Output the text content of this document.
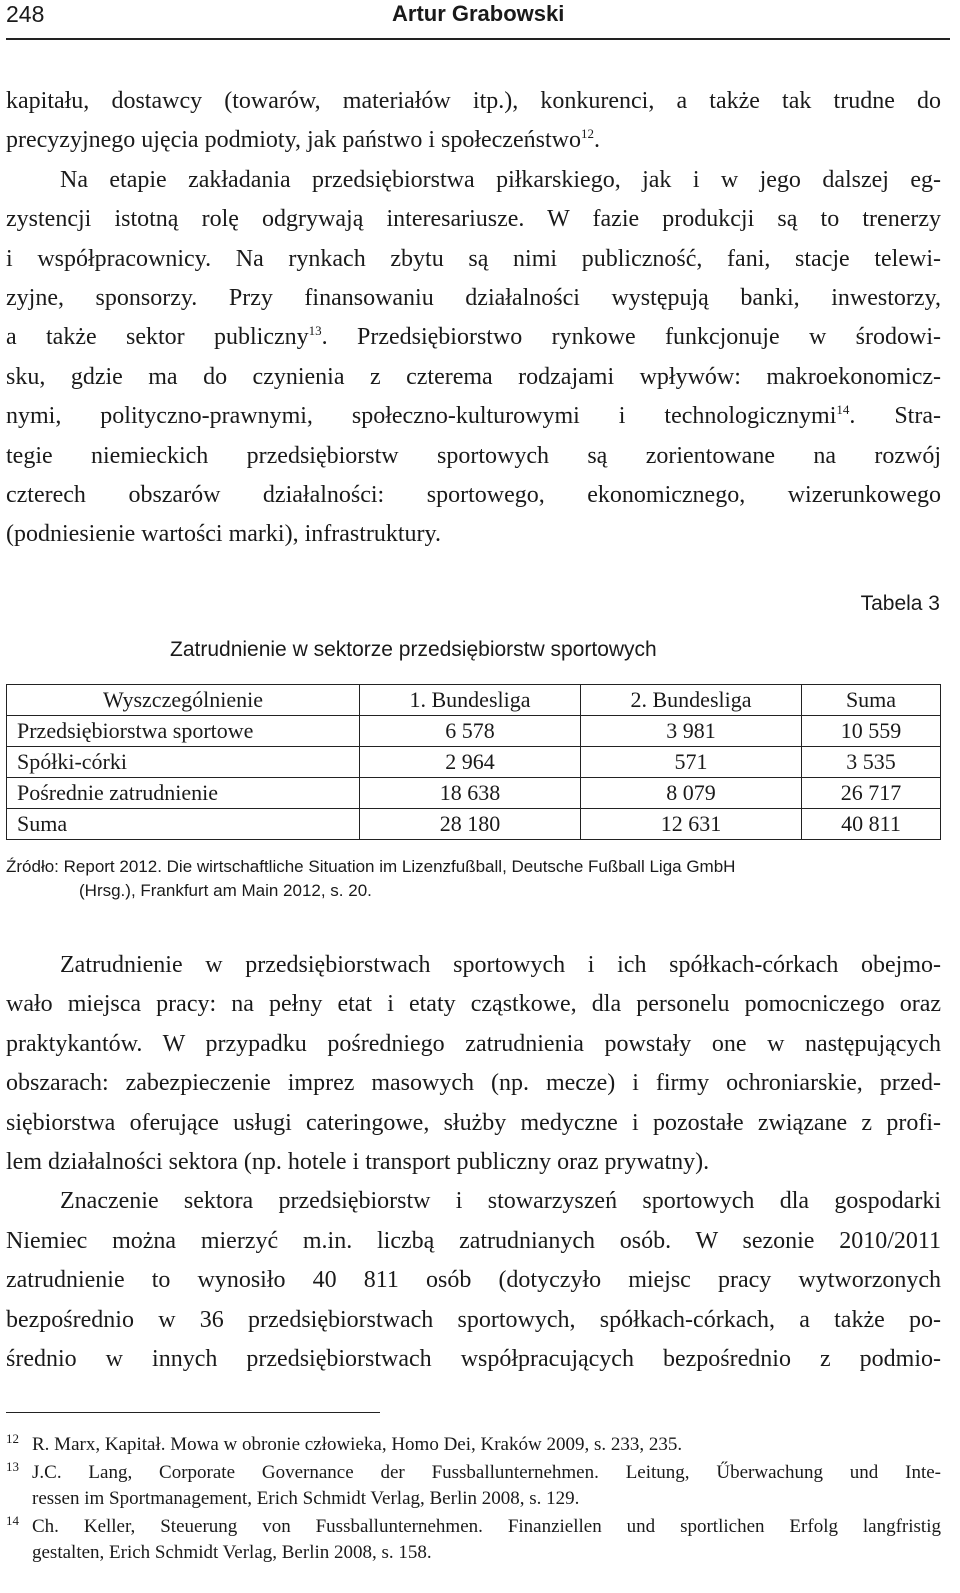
248	Artur Grabowski
kapitału, dostawcy (towarów, materiałów itp.), konkurenci, a także tak trudne do
precyzyjnego ujęcia podmioty, jak państwo i społeczeństwo$^{12}$.
Na etapie zakładania przedsiębiorstwa piłkarskiego, jak i w jego dalszej eg-
zystencji istotną rolę odgrywają interesariusze. W fazie produkcji są to trenerzy
i współpracownicy. Na rynkach zbytu są nimi publiczność, fani, stacje telewi-
zyjne, sponsorzy. Przy finansowaniu działalności występują banki, inwestorzy,
a także sektor publiczny$^{13}$. Przedsiębiorstwo rynkowe funkcjonuje w środowi-
sku, gdzie ma do czynienia z czterema rodzajami wpływów: makroekonomicz-
nymi, polityczno-prawnymi, społeczno-kulturowymi i technologicznymi$^{14}$. Stra-
tegie niemieckich przedsiębiorstw sportowych są zorientowane na rozwój
czterech obszarów działalności: sportowego, ekonomicznego, wizerunkowego
(podniesienie wartości marki), infrastruktury.
Tabela 3
Zatrudnienie w sektorze przedsiębiorstw sportowych
Wyszczególnienie	1. Bundesliga	2. Bundesliga	Suma
Przedsiębiorstwa sportowe	6 578	3 981	10 559
Spółki-córki	2 964	571	3 535
Pośrednie zatrudnienie	18 638	8 079	26 717
Suma	28 180	12 631	40 811
Źródło: Report 2012. Die wirtschaftliche Situation im Lizenzfußball, Deutsche Fußball Liga GmbH
(Hrsg.), Frankfurt am Main 2012, s. 20.
Zatrudnienie w przedsiębiorstwach sportowych i ich spółkach-córkach obejmo-
wało miejsca pracy: na pełny etat i etaty cząstkowe, dla personelu pomocniczego oraz
praktykantów. W przypadku pośredniego zatrudnienia powstały one w następujących
obszarach: zabezpieczenie imprez masowych (np. mecze) i firmy ochroniarskie, przed-
siębiorstwa oferujące usługi cateringowe, służby medyczne i pozostałe związane z profi-
lem działalności sektora (np. hotele i transport publiczny oraz prywatny).
Znaczenie sektora przedsiębiorstw i stowarzyszeń sportowych dla gospodarki
Niemiec można mierzyć m.in. liczbą zatrudnianych osób. W sezonie 2010/2011
zatrudnienie to wynosiło 40 811 osób (dotyczyło miejsc pracy wytworzonych
bezpośrednio w 36 przedsiębiorstwach sportowych, spółkach-córkach, a także po-
średnio w innych przedsiębiorstwach współpracujących bezpośrednio z podmio-
12 R. Marx, Kapitał. Mowa w obronie człowieka, Homo Dei, Kraków 2009, s. 233, 235.
13 J.C. Lang, Corporate Governance der Fussballunternehmen. Leitung, Űberwachung und Inte-
ressen im Sportmanagement, Erich Schmidt Verlag, Berlin 2008, s. 129.
14 Ch. Keller, Steuerung von Fussballunternehmen. Finanziellen und sportlichen Erfolg langfristig
gestalten, Erich Schmidt Verlag, Berlin 2008, s. 158.
